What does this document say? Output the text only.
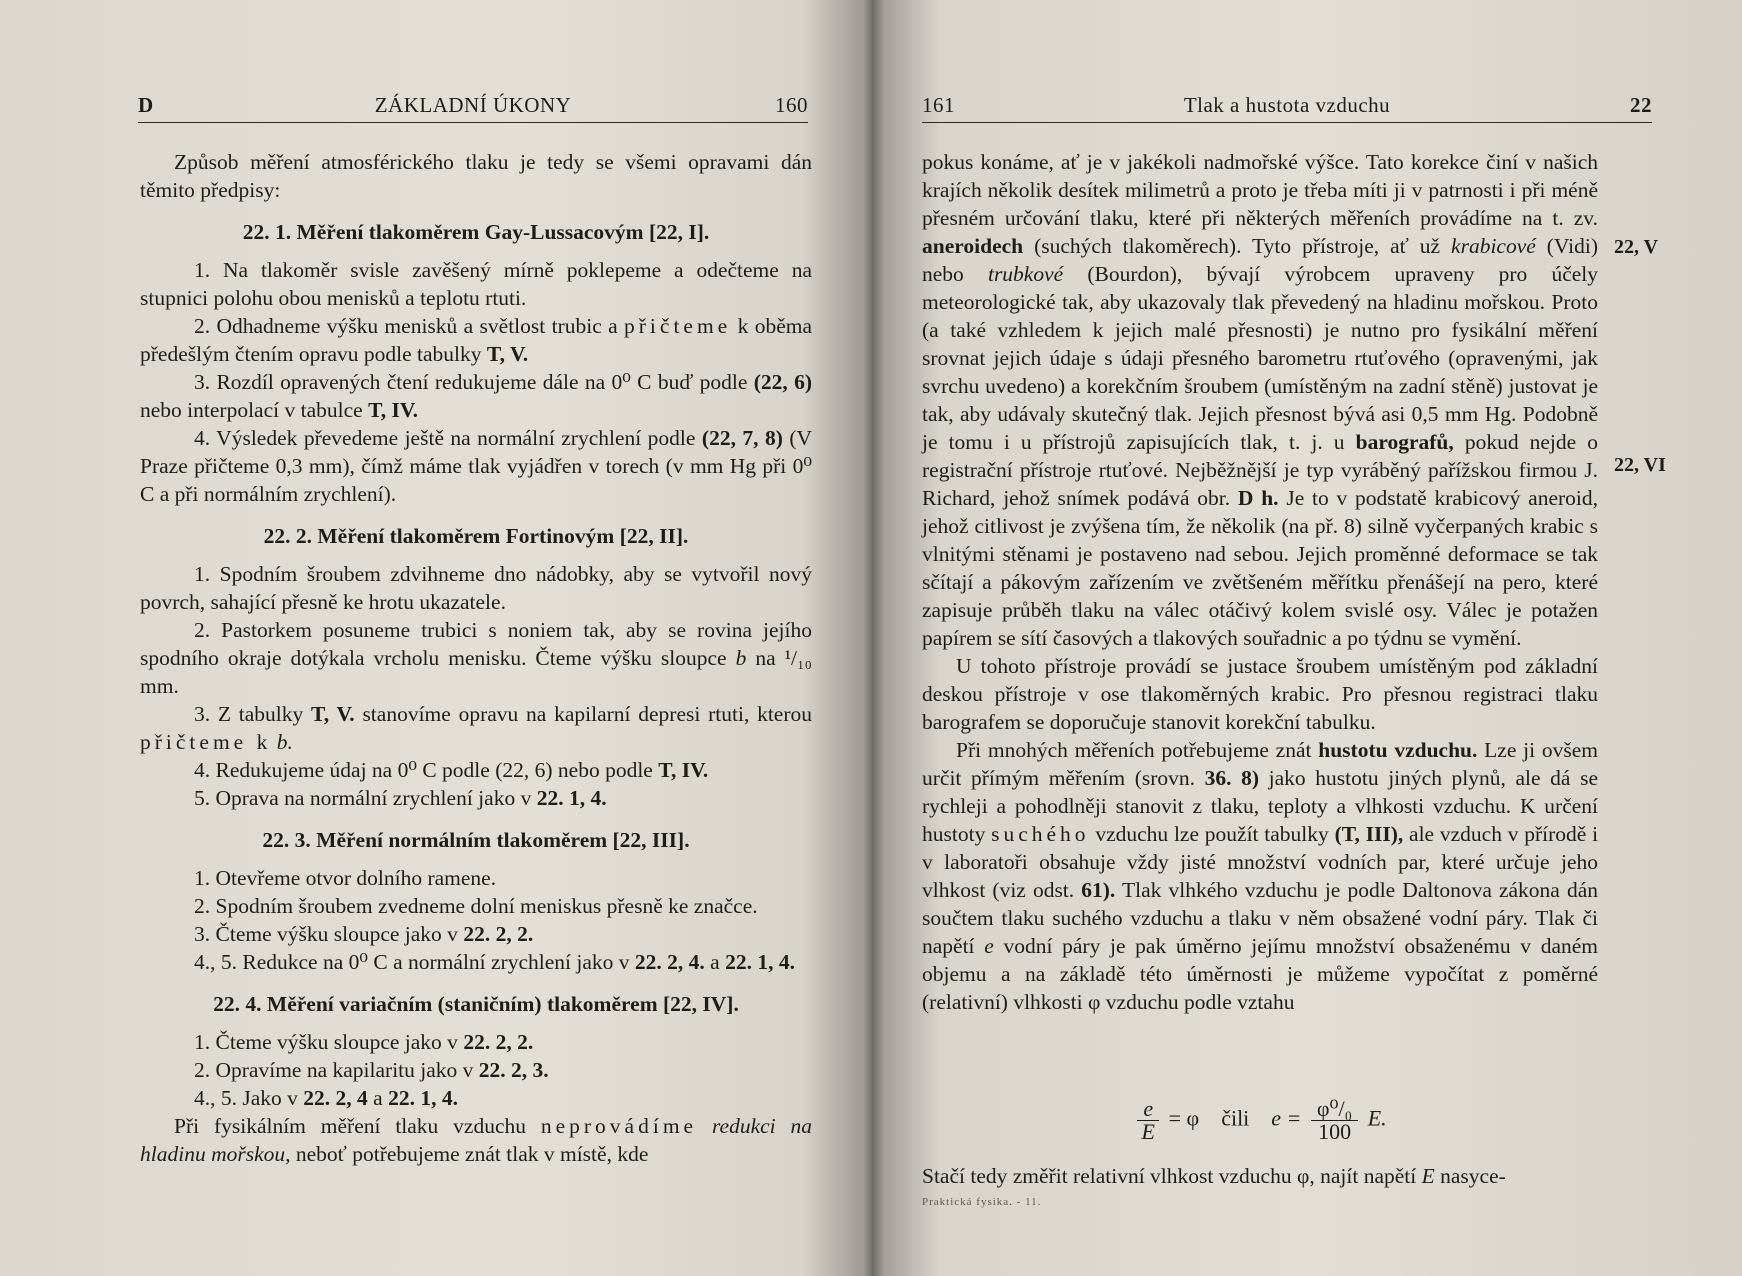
D	ZÁKLADNÍ ÚKONY	160

Způsob měření atmosférického tlaku je tedy se všemi opravami dán těmito předpisy:

22. 1. Měření tlakoměrem Gay-Lussacovým [22, I].

1. Na tlakoměr svisle zavěšený mírně poklepeme a odečteme na stupnici polohu obou menisků a teplotu rtuti.

2. Odhadneme výšku menisků a světlost trubic a přičteme k oběma předešlým čtením opravu podle tabulky T, V.

3. Rozdíl opravených čtení redukujeme dále na 0⁰ C buď podle (22, 6) nebo interpolací v tabulce T, IV.

4. Výsledek převedeme ještě na normální zrychlení podle (22, 7, 8) (V Praze přičteme 0,3 mm), čímž máme tlak vyjádřen v torech (v mm Hg při 0⁰ C a při normálním zrychlení).

22. 2. Měření tlakoměrem Fortinovým [22, II].

1. Spodním šroubem zdvihneme dno nádobky, aby se vytvořil nový povrch, sahající přesně ke hrotu ukazatele.

2. Pastorkem posuneme trubici s noniem tak, aby se rovina jejího spodního okraje dotýkala vrcholu menisku. Čteme výšku sloupce b na ¹/₁₀ mm.

3. Z tabulky T, V. stanovíme opravu na kapilarní depresi rtuti, kterou přičteme k b.

4. Redukujeme údaj na 0⁰ C podle (22, 6) nebo podle T, IV.

5. Oprava na normální zrychlení jako v 22. 1, 4.

22. 3. Měření normálním tlakoměrem [22, III].

1. Otevřeme otvor dolního ramene.

2. Spodním šroubem zvedneme dolní meniskus přesně ke značce.

3. Čteme výšku sloupce jako v 22. 2, 2.

4., 5. Redukce na 0⁰ C a normální zrychlení jako v 22. 2, 4. a 22. 1, 4.

22. 4. Měření variačním (staničním) tlakoměrem [22, IV].

1. Čteme výšku sloupce jako v 22. 2, 2.

2. Opravíme na kapilaritu jako v 22. 2, 3.

4., 5. Jako v 22. 2, 4 a 22. 1, 4.

Při fysikálním měření tlaku vzduchu neprovádíme redukci na hladinu mořskou, neboť potřebujeme znát tlak v místě, kde

161	Tlak a hustota vzduchu	22

pokus konáme, ať je v jakékoli nadmořské výšce. Tato korekce činí v našich krajích několik desítek milimetrů a proto je třeba míti ji v patrnosti i při méně přesném určování tlaku, které při některých měřeních provádíme na t. zv. aneroidech (suchých tlakoměrech). Tyto přístroje, ať už krabicové (Vidi) nebo trubkové (Bourdon), bývají výrobcem upraveny pro účely meteorologické tak, aby ukazovaly tlak převedený na hladinu mořskou. Proto (a také vzhledem k jejich malé přesnosti) je nutno pro fysikální měření srovnat jejich údaje s údaji přesného barometru rtuťového (opravenými, jak svrchu uvedeno) a korekčním šroubem (umístěným na zadní stěně) justovat je tak, aby udávaly skutečný tlak. Jejich přesnost bývá asi 0,5 mm Hg. Podobně je tomu i u přístrojů zapisujících tlak, t. j. u barografů, pokud nejde o registrační přístroje rtuťové. Nejběžnější je typ vyráběný pařížskou firmou J. Richard, jehož snímek podává obr. D h. Je to v podstatě krabicový aneroid, jehož citlivost je zvýšena tím, že několik (na př. 8) silně vyčerpaných krabic s vlnitými stěnami je postaveno nad sebou. Jejich proměnné deformace se tak sčítají a pákovým zařízením ve zvětšeném měřítku přenášejí na pero, které zapisuje průběh tlaku na válec otáčivý kolem svislé osy. Válec je potažen papírem se sítí časových a tlakových souřadnic a po týdnu se vymění.

U tohoto přístroje provádí se justace šroubem umístěným pod základní deskou přístroje v ose tlakoměrných krabic. Pro přesnou registraci tlaku barografem se doporučuje stanovit korekční tabulku.

Při mnohých měřeních potřebujeme znát hustotu vzduchu. Lze ji ovšem určit přímým měřením (srovn. 36. 8) jako hustotu jiných plynů, ale dá se rychleji a pohodlněji stanovit z tlaku, teploty a vlhkosti vzduchu. K určení hustoty suchého vzduchu lze použít tabulky (T, III), ale vzduch v přírodě i v laboratoři obsahuje vždy jisté množství vodních par, které určuje jeho vlhkost (viz odst. 61). Tlak vlhkého vzduchu je podle Daltonova zákona dán součtem tlaku suchého vzduchu a tlaku v něm obsažené vodní páry. Tlak či napětí e vodní páry je pak úměrno jejímu množství obsaženému v daném objemu a na základě této úměrnosti je můžeme vypočítat z poměrné (relativní) vlhkosti φ vzduchu podle vztahu

$\frac{e}{E} = \varphi$ čili $e = \frac{\text{φ⁰/₀}}{100} E$.

Stačí tedy změřit relativní vlhkost vzduchu φ, najít napětí E nasyce-

Praktická fysika. - 11.
22, V
22, VI
